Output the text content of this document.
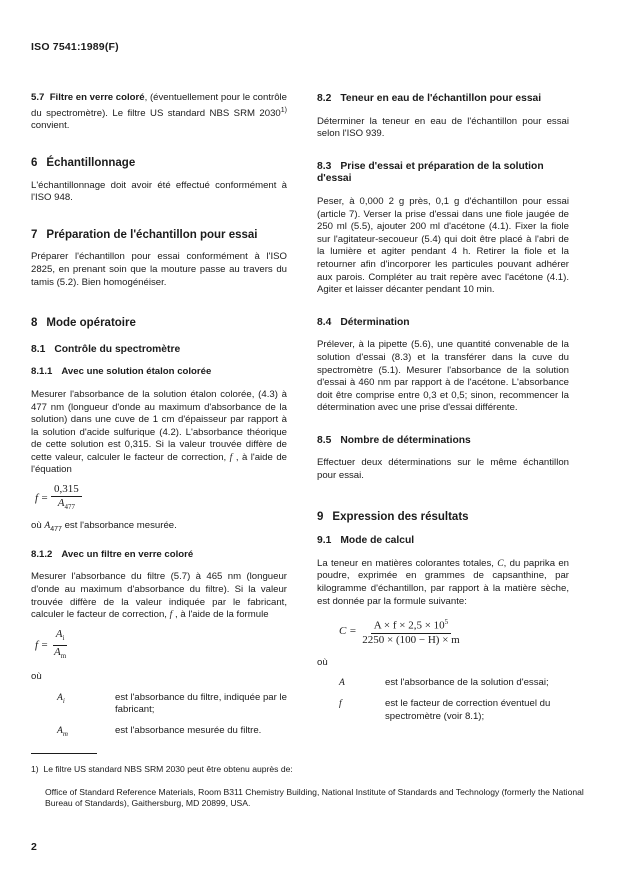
ISO 7541:1989(F)

5.7 Filtre en verre coloré, (éventuellement pour le contrôle du spectromètre). Le filtre US standard NBS SRM 2030$^{1)}$ convient.

6 Échantillonnage

L'échantillonnage doit avoir été effectué conformément à l'ISO 948.

7 Préparation de l'échantillon pour essai

Préparer l'échantillon pour essai conformément à l'ISO 2825, en prenant soin que la mouture passe au travers du tamis (5.2). Bien homogénéiser.

8 Mode opératoire
8.1 Contrôle du spectromètre
8.1.1 Avec une solution étalon colorée

Mesurer l'absorbance de la solution étalon colorée, (4.3) à 477 nm (longueur d'onde au maximum d'absorbance de la solution) dans une cuve de 1 cm d'épaisseur par rapport à la solution d'acide sulfurique (4.2). L'absorbance théorique de cette solution est 0,315. Si la valeur trouvée diffère de cette valeur, calculer le facteur de correction, f , à l'aide de l'équation

f =
$\frac{0,315}{A_{477}}$

où $A_{477}$ est l'absorbance mesurée.

8.1.2 Avec un filtre en verre coloré

Mesurer l'absorbance du filtre (5.7) à 465 nm (longueur d'onde au maximum d'absorbance du filtre). Si la valeur trouvée diffère de la valeur indiquée par le fabricant, calculer le facteur de correction, f , à l'aide de la formule

f =
$\frac{A_i}{A_m}$

où

$A_i$	est l'absorbance du filtre, indiquée par le fabricant;
$A_m$	est l'absorbance mesurée du filtre.
8.2 Teneur en eau de l'échantillon pour essai

Déterminer la teneur en eau de l'échantillon pour essai selon l'ISO 939.

8.3 Prise d'essai et préparation de la solution d'essai

Peser, à 0,000 2 g près, 0,1 g d'échantillon pour essai (article 7). Verser la prise d'essai dans une fiole jaugée de 250 ml (5.5), ajouter 200 ml d'acétone (4.1). Fixer la fiole sur l'agitateur-secoueur (5.4) qui doit être placé à l'abri de la lumière et agiter pendant 4 h. Retirer la fiole et la retourner afin d'incorporer les particules pouvant adhérer aux parois. Compléter au trait repère avec l'acétone (4.1). Agiter et laisser décanter pendant 10 min.

8.4 Détermination

Prélever, à la pipette (5.6), une quantité convenable de la solution d'essai (8.3) et la transférer dans la cuve du spectromètre (5.1). Mesurer l'absorbance de la solution d'essai à 460 nm par rapport à de l'acétone. L'absorbance doit être comprise entre 0,3 et 0,5; sinon, recommencer la détermination avec une prise d'essai différente.

8.5 Nombre de déterminations

Effectuer deux déterminations sur le même échantillon pour essai.

9 Expression des résultats
9.1 Mode de calcul

La teneur en matières colorantes totales, C, du paprika en poudre, exprimée en grammes de capsanthine, par kilogramme d'échantillon, par rapport à la matière sèche, est donnée par la formule suivante:

C =
$\frac{A \times f \times 2,5 \times 10^5}{2250 \times (100 - H) \times m}$

où

A	est l'absorbance de la solution d'essai;
f	est le facteur de correction éventuel du spectromètre (voir 8.1);
1) Le filtre US standard NBS SRM 2030 peut être obtenu auprès de:
Office of Standard Reference Materials, Room B311 Chemistry Building, National Institute of Standards and Technology (formerly the National Bureau of Standards), Gaithersburg, MD 20899, USA.
2
